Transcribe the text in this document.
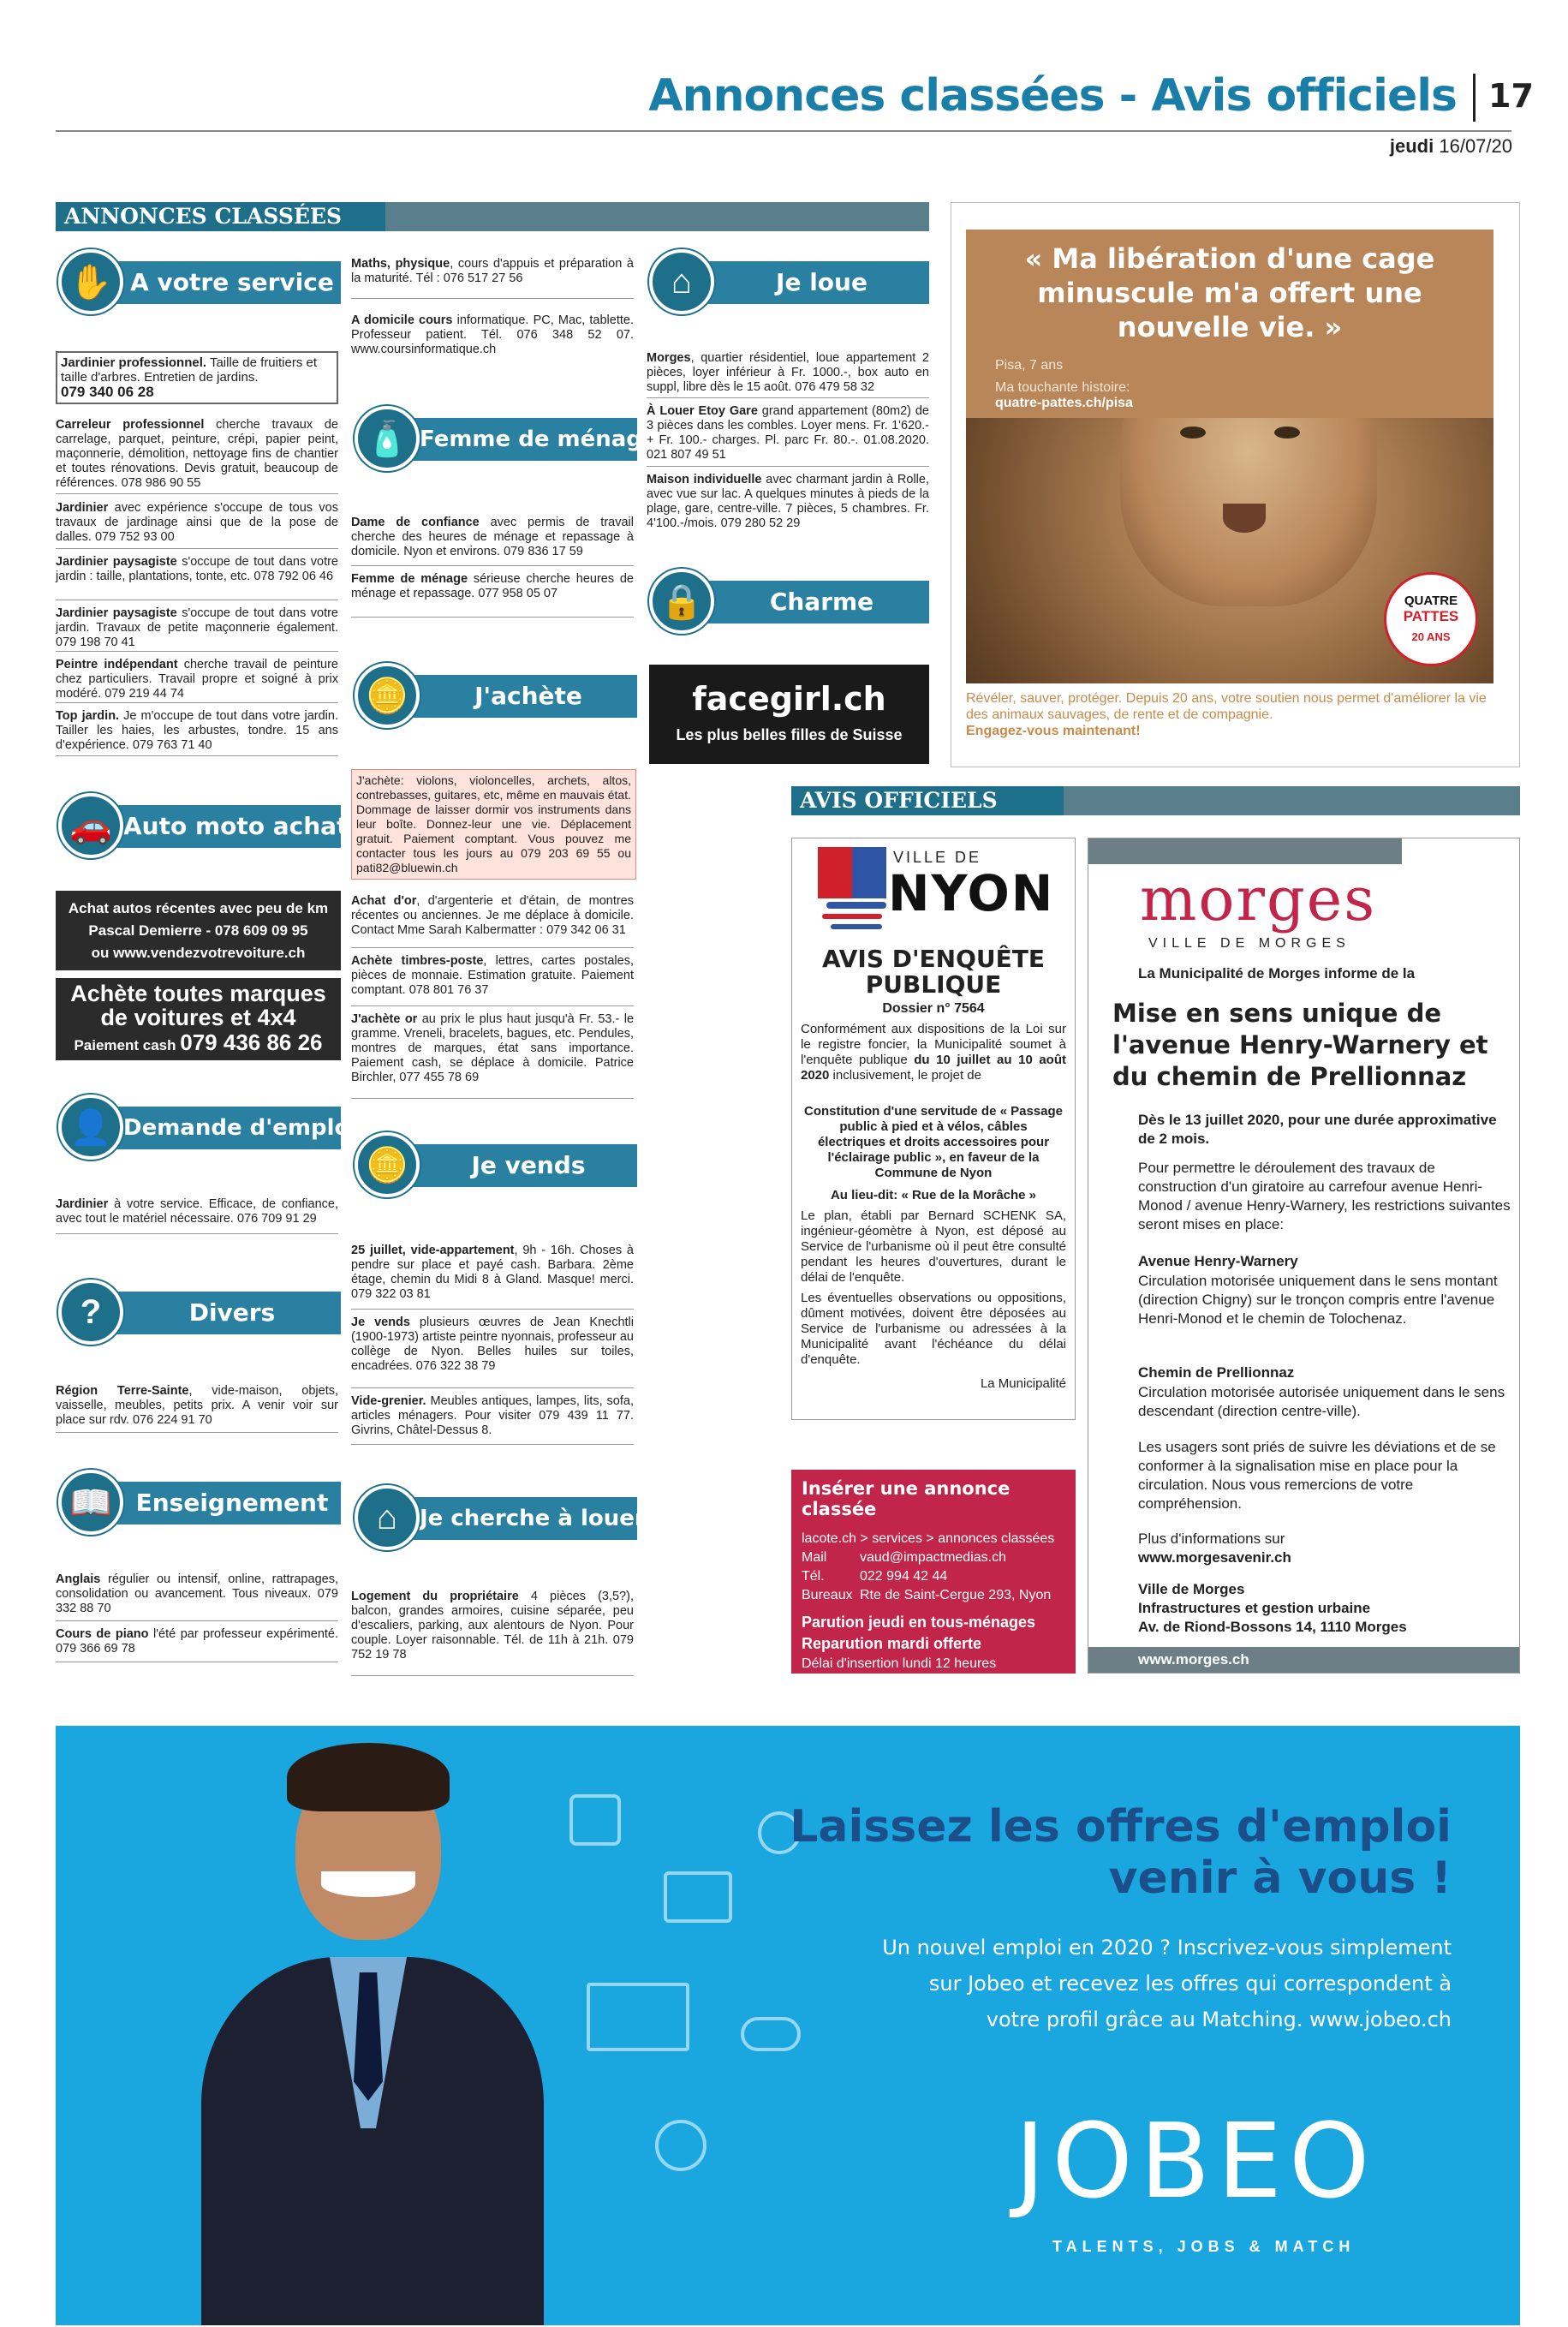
Annonces classées - Avis officiels 17
jeudi 16/07/20
ANNONCES CLASSÉES
A votre service
✋
Jardinier professionnel. Taille de fruitiers et taille d'arbres. Entretien de jardins.
079 340 06 28
Carreleur professionnel cherche travaux de carrelage, parquet, peinture, crépi, papier peint, maçonnerie, démolition, nettoyage fins de chantier et toutes rénovations. Devis gratuit, beaucoup de références. 078 986 90 55
Jardinier avec expérience s'occupe de tous vos travaux de jardinage ainsi que de la pose de dalles. 079 752 93 00
Jardinier paysagiste s'occupe de tout dans votre jardin : taille, plantations, tonte, etc. 078 792 06 46
Jardinier paysagiste s'occupe de tout dans votre jardin. Travaux de petite maçonnerie également. 079 198 70 41
Peintre indépendant cherche travail de peinture chez particuliers. Travail propre et soigné à prix modéré. 079 219 44 74
Top jardin. Je m'occupe de tout dans votre jardin. Tailler les haies, les arbustes, tondre. 15 ans d'expérience. 079 763 71 40
Auto moto achat
🚗
Achat autos récentes avec peu de km
Pascal Demierre - 078 609 09 95
ou www.vendezvotrevoiture.ch
Achète toutes marques
de voitures et 4x4
Paiement cash 079 436 86 26
Demande d'emploi
👤
Jardinier à votre service. Efficace, de confiance, avec tout le matériel nécessaire. 076 709 91 29
Divers
?
Région Terre-Sainte, vide-maison, objets, vaisselle, meubles, petits prix. A venir voir sur place sur rdv. 076 224 91 70
Enseignement
📖
Anglais régulier ou intensif, online, rattrapages, consolidation ou avancement. Tous niveaux. 079 332 88 70
Cours de piano l'été par professeur expérimenté. 079 366 69 78
Maths, physique, cours d'appuis et préparation à la maturité. Tél : 076 517 27 56
A domicile cours informatique. PC, Mac, tablette. Professeur patient. Tél. 076 348 52 07. www.coursinformatique.ch
Femme de ménage
🧴
Dame de confiance avec permis de travail cherche des heures de ménage et repassage à domicile. Nyon et environs. 079 836 17 59
Femme de ménage sérieuse cherche heures de ménage et repassage. 077 958 05 07
J'achète
🪙
J'achète: violons, violoncelles, archets, altos, contrebasses, guitares, etc, même en mauvais état. Dommage de laisser dormir vos instruments dans leur boîte. Donnez-leur une vie. Déplacement gratuit. Paiement comptant. Vous pouvez me contacter tous les jours au 079 203 69 55 ou pati82@bluewin.ch
Achat d'or, d'argenterie et d'étain, de montres récentes ou anciennes. Je me déplace à domicile. Contact Mme Sarah Kalbermatter : 079 342 06 31
Achète timbres-poste, lettres, cartes postales, pièces de monnaie. Estimation gratuite. Paiement comptant. 078 801 76 37
J'achète or au prix le plus haut jusqu'à Fr. 53.- le gramme. Vreneli, bracelets, bagues, etc. Pendules, montres de marques, état sans importance. Paiement cash, se déplace à domicile. Patrice Birchler, 077 455 78 69
Je vends
🪙
25 juillet, vide-appartement, 9h - 16h. Choses à pendre sur place et payé cash. Barbara. 2ème étage, chemin du Midi 8 à Gland. Masque! merci. 079 322 03 81
Je vends plusieurs œuvres de Jean Knechtli (1900-1973) artiste peintre nyonnais, professeur au collège de Nyon. Belles huiles sur toiles, encadrées. 076 322 38 79
Vide-grenier. Meubles antiques, lampes, lits, sofa, articles ménagers. Pour visiter 079 439 11 77. Givrins, Châtel-Dessus 8.
Je cherche à louer
⌂
Logement du propriétaire 4 pièces (3,5?), balcon, grandes armoires, cuisine séparée, peu d'escaliers, parking, aux alentours de Nyon. Pour couple. Loyer raisonnable. Tél. de 11h à 21h. 079 752 19 78
Je loue
⌂
Morges, quartier résidentiel, loue appartement 2 pièces, loyer inférieur à Fr. 1000.-, box auto en suppl, libre dès le 15 août. 076 479 58 32
À Louer Etoy Gare grand appartement (80m2) de 3 pièces dans les combles. Loyer mens. Fr. 1'620.- + Fr. 100.- charges. Pl. parc Fr. 80.-. 01.08.2020. 021 807 49 51
Maison individuelle avec charmant jardin à Rolle, avec vue sur lac. A quelques minutes à pieds de la plage, gare, centre-ville. 7 pièces, 5 chambres. Fr. 4'100.-/mois. 079 280 52 29
Charme
🔒
facegirl.ch
Les plus belles filles de Suisse
QUATRE
PATTES
20 ANS
« Ma libération d'une cage minuscule m'a offert une nouvelle vie. »
Pisa, 7 ans
Ma touchante histoire:
quatre-pattes.ch/pisa
Révéler, sauver, protéger. Depuis 20 ans, votre soutien nous permet d'améliorer la vie des animaux sauvages, de rente et de compagnie.
Engagez-vous maintenant!
AVIS OFFICIELS
VILLE DE
NYON
AVIS D'ENQUÊTE PUBLIQUE
Dossier n° 7564
Conformément aux dispositions de la Loi sur le registre foncier, la Municipalité soumet à l'enquête publique du 10 juillet au 10 août 2020 inclusivement, le projet de
Constitution d'une servitude de « Passage public à pied et à vélos, câbles électriques et droits accessoires pour l'éclairage public », en faveur de la Commune de Nyon
Au lieu-dit: « Rue de la Morâche »
Le plan, établi par Bernard SCHENK SA, ingénieur-géomètre à Nyon, est déposé au Service de l'urbanisme où il peut être consulté pendant les heures d'ouvertures, durant le délai de l'enquête.
Les éventuelles observations ou oppositions, dûment motivées, doivent être déposées au Service de l'urbanisme ou adressées à la Municipalité avant l'échéance du délai d'enquête.
La Municipalité
Insérer une annonce classée
lacote.ch > services > annonces classées
Mail vaud@impactmedias.ch
Tél.	022 994 42 44
Bureaux Rte de Saint-Cergue 293, Nyon
Parution jeudi en tous-ménages
Reparution mardi offerte
Délai d'insertion lundi 12 heures
morges
VILLE DE MORGES
La Municipalité de Morges informe de la
Mise en sens unique de l'avenue Henry-Warnery et du chemin de Prellionnaz
Dès le 13 juillet 2020, pour une durée approximative de 2 mois.
Pour permettre le déroulement des travaux de construction d'un giratoire au carrefour avenue Henri-Monod / avenue Henry-Warnery, les restrictions suivantes seront mises en place:
Avenue Henry-Warnery
Circulation motorisée uniquement dans le sens montant (direction Chigny) sur le tronçon compris entre l'avenue Henri-Monod et le chemin de Tolochenaz.
Chemin de Prellionnaz
Circulation motorisée autorisée uniquement dans le sens descendant (direction centre-ville).
Les usagers sont priés de suivre les déviations et de se conformer à la signalisation mise en place pour la circulation. Nous vous remercions de votre compréhension.
Plus d'informations sur
www.morgesavenir.ch
Ville de Morges
Infrastructures et gestion urbaine
Av. de Riond-Bossons 14, 1110 Morges
www.morges.ch
Laissez les offres d'emploi
venir à vous !
Un nouvel emploi en 2020 ? Inscrivez-vous simplement
sur Jobeo et recevez les offres qui correspondent à
votre profil grâce au Matching. www.jobeo.ch
JOBEO
TALENTS, JOBS & MATCH
